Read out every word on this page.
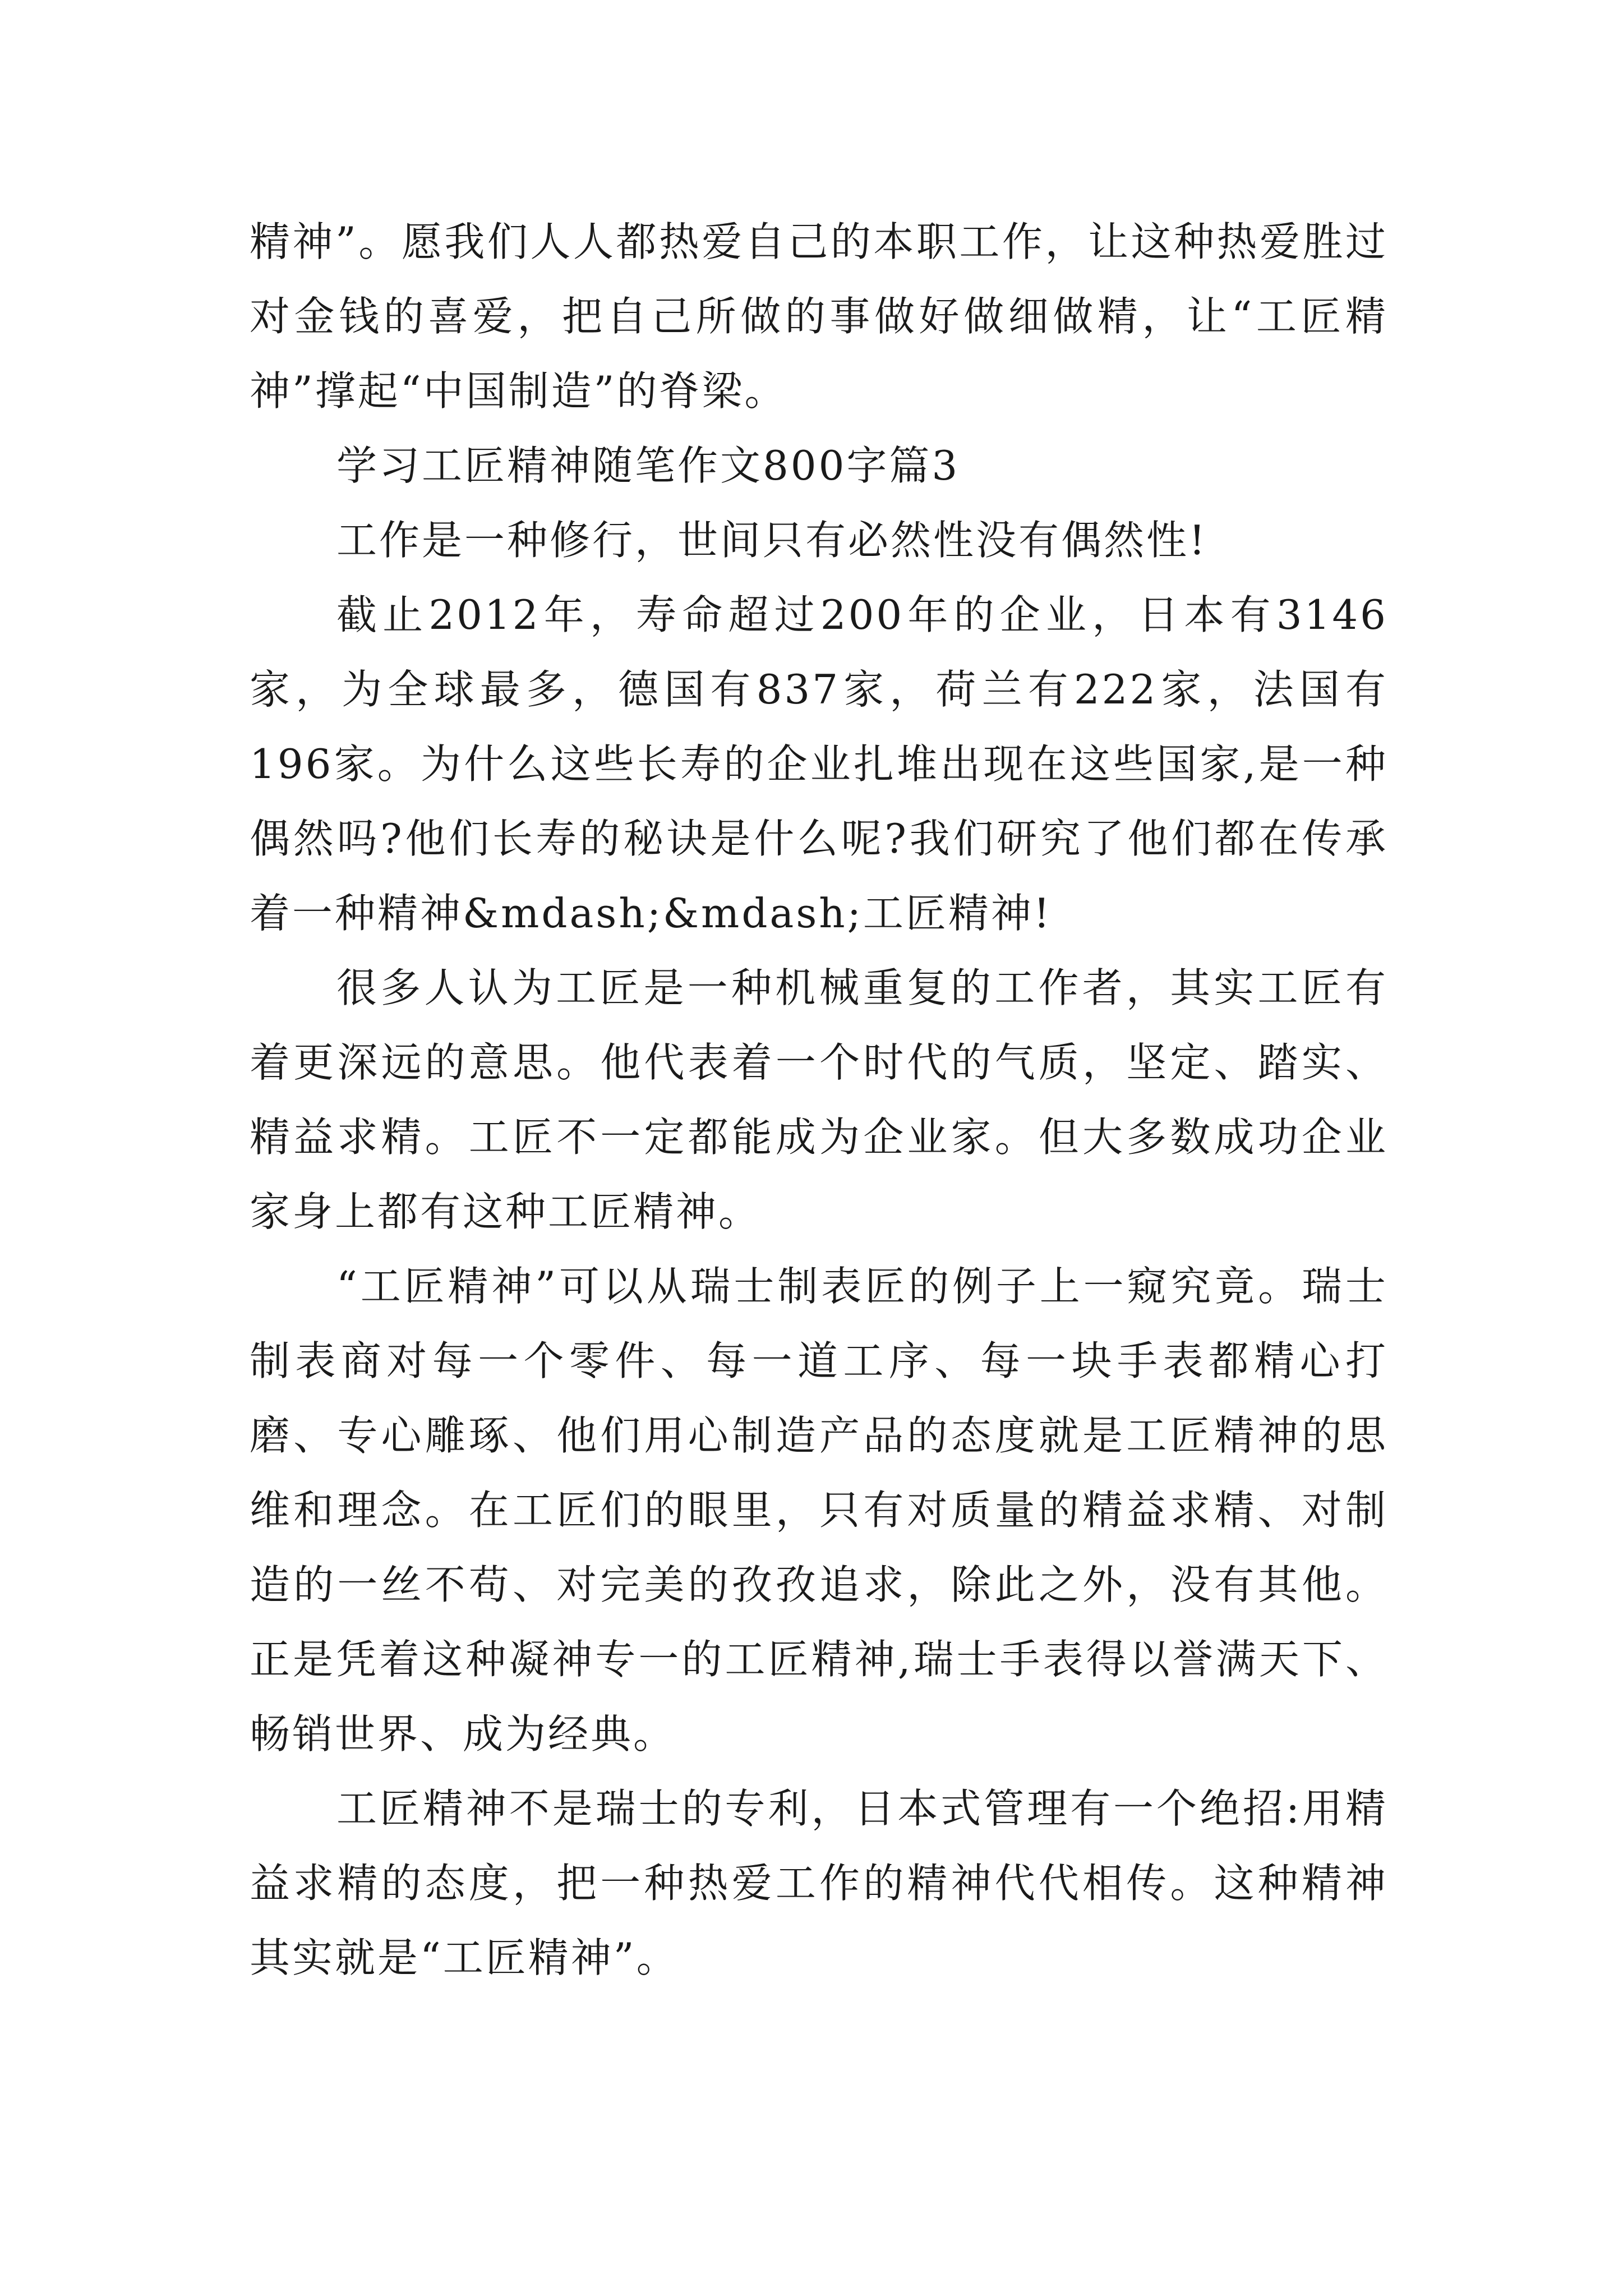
精神”。愿我们人人都热爱自己的本职工作，让这种热爱胜过对金钱的喜爱，把自己所做的事做好做细做精，让“工匠精神”撑起“中国制造”的脊梁。

学习工匠精神随笔作文800字篇3

工作是一种修行，世间只有必然性没有偶然性!

截止2012年，寿命超过200年的企业，日本有3146家，为全球最多，德国有837家，荷兰有222家，法国有196家。为什么这些长寿的企业扎堆出现在这些国家,是一种偶然吗?他们长寿的秘诀是什么呢?我们研究了他们都在传承着一种精神&mdash;&mdash;工匠精神!

很多人认为工匠是一种机械重复的工作者，其实工匠有着更深远的意思。他代表着一个时代的气质，坚定、踏实、精益求精。工匠不一定都能成为企业家。但大多数成功企业家身上都有这种工匠精神。

“工匠精神”可以从瑞士制表匠的例子上一窥究竟。瑞士制表商对每一个零件、每一道工序、每一块手表都精心打磨、专心雕琢、他们用心制造产品的态度就是工匠精神的思维和理念。在工匠们的眼里，只有对质量的精益求精、对制造的一丝不苟、对完美的孜孜追求，除此之外，没有其他。正是凭着这种凝神专一的工匠精神,瑞士手表得以誉满天下、畅销世界、成为经典。

工匠精神不是瑞士的专利，日本式管理有一个绝招:用精益求精的态度，把一种热爱工作的精神代代相传。这种精神其实就是“工匠精神”。
